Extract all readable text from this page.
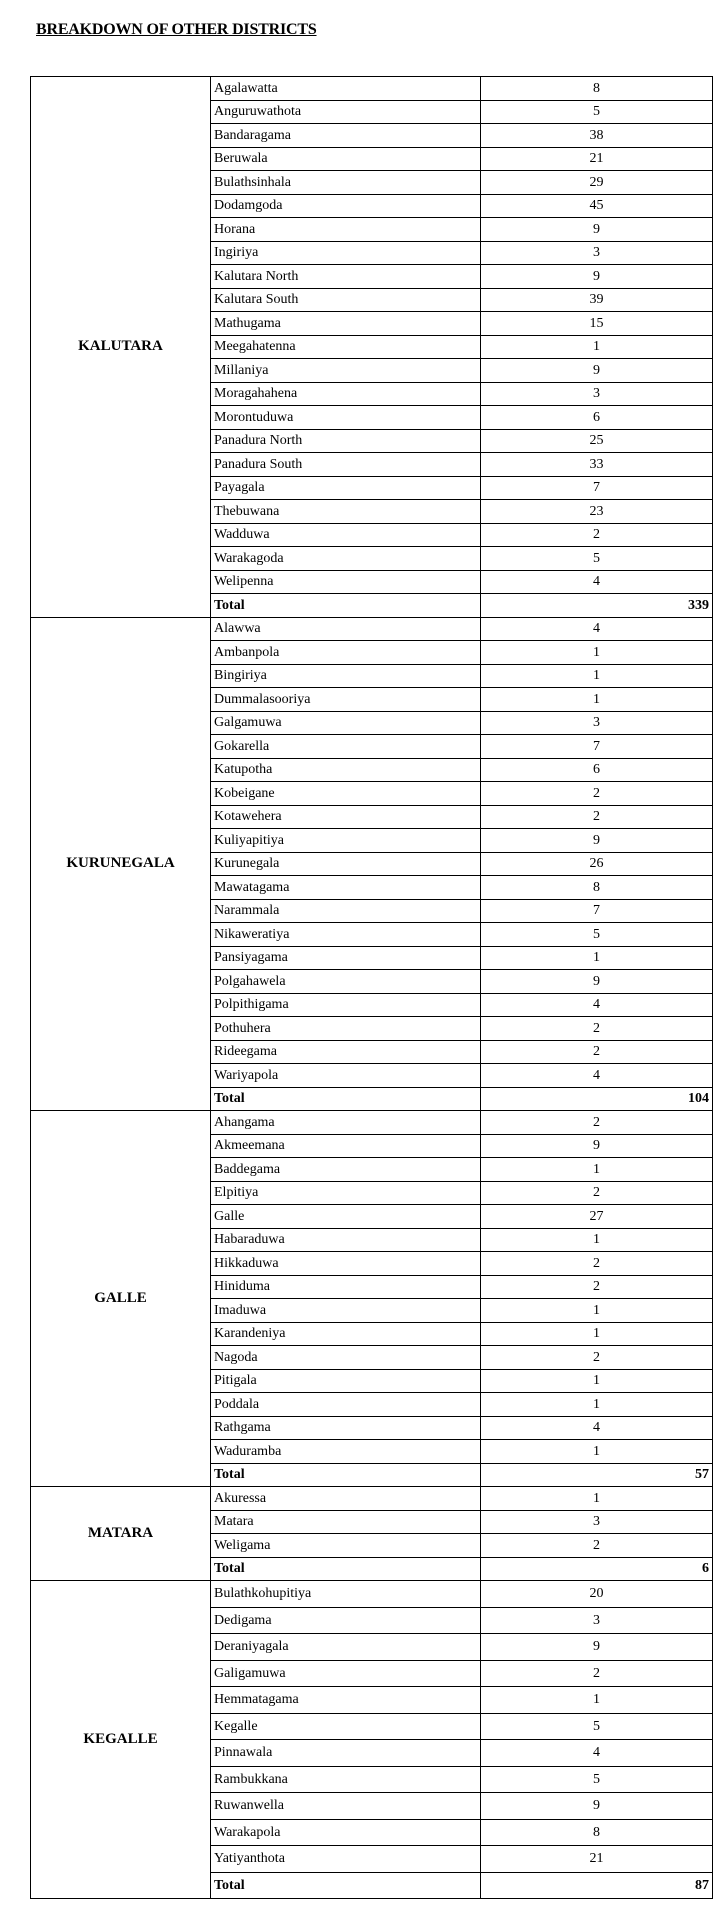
BREAKDOWN OF OTHER DISTRICTS
KALUTARA	Agalawatta	8
	Anguruwathota	5
	Bandaragama	38
	Beruwala	21
	Bulathsinhala	29
	Dodamgoda	45
	Horana	9
	Ingiriya	3
	Kalutara North	9
	Kalutara South	39
	Mathugama	15
	Meegahatenna	1
	Millaniya	9
	Moragahahena	3
	Morontuduwa	6
	Panadura North	25
	Panadura South	33
	Payagala	7
	Thebuwana	23
	Wadduwa	2
	Warakagoda	5
	Welipenna	4
	Total	339
KURUNEGALA	Alawwa	4
	Ambanpola	1
	Bingiriya	1
	Dummalasooriya	1
	Galgamuwa	3
	Gokarella	7
	Katupotha	6
	Kobeigane	2
	Kotawehera	2
	Kuliyapitiya	9
	Kurunegala	26
	Mawatagama	8
	Narammala	7
	Nikaweratiya	5
	Pansiyagama	1
	Polgahawela	9
	Polpithigama	4
	Pothuhera	2
	Rideegama	2
	Wariyapola	4
	Total	104
GALLE	Ahangama	2
	Akmeemana	9
	Baddegama	1
	Elpitiya	2
	Galle	27
	Habaraduwa	1
	Hikkaduwa	2
	Hiniduma	2
	Imaduwa	1
	Karandeniya	1
	Nagoda	2
	Pitigala	1
	Poddala	1
	Rathgama	4
	Waduramba	1
	Total	57
MATARA	Akuressa	1
	Matara	3
	Weligama	2
	Total	6
KEGALLE	Bulathkohupitiya	20
	Dedigama	3
	Deraniyagala	9
	Galigamuwa	2
	Hemmatagama	1
	Kegalle	5
	Pinnawala	4
	Rambukkana	5
	Ruwanwella	9
	Warakapola	8
	Yatiyanthota	21
	Total	87
